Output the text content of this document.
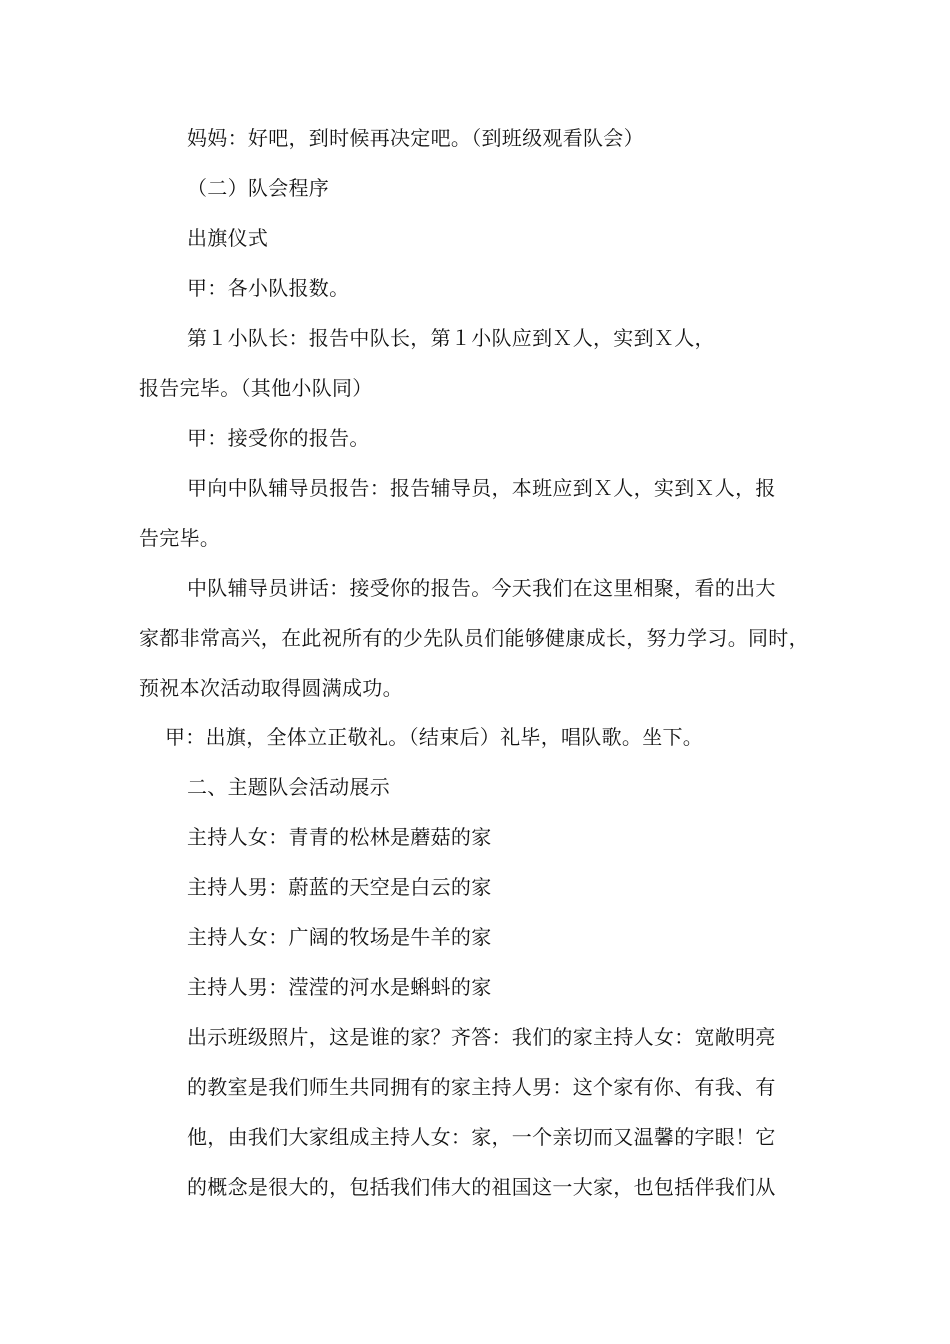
妈妈：好吧，到时候再决定吧。（到班级观看队会）

（二）队会程序

出旗仪式

甲：各小队报数。

第１小队长：报告中队长，第１小队应到Ｘ人，实到Ｘ人，

报告完毕。（其他小队同）

甲：接受你的报告。

甲向中队辅导员报告：报告辅导员，本班应到Ｘ人，实到Ｘ人，报

告完毕。

中队辅导员讲话：接受你的报告。今天我们在这里相聚，看的出大

家都非常高兴，在此祝所有的少先队员们能够健康成长，努力学习。同时，

预祝本次活动取得圆满成功。

甲：出旗，全体立正敬礼。（结束后）礼毕，唱队歌。坐下。

二、主题队会活动展示

主持人女：青青的松林是蘑菇的家

主持人男：蔚蓝的天空是白云的家

主持人女：广阔的牧场是牛羊的家

主持人男：滢滢的河水是蝌蚪的家

出示班级照片，这是谁的家？齐答：我们的家主持人女：宽敞明亮

的教室是我们师生共同拥有的家主持人男：这个家有你、有我、有

他，由我们大家组成主持人女：家，一个亲切而又温馨的字眼！它

的概念是很大的，包括我们伟大的祖国这一大家，也包括伴我们从
